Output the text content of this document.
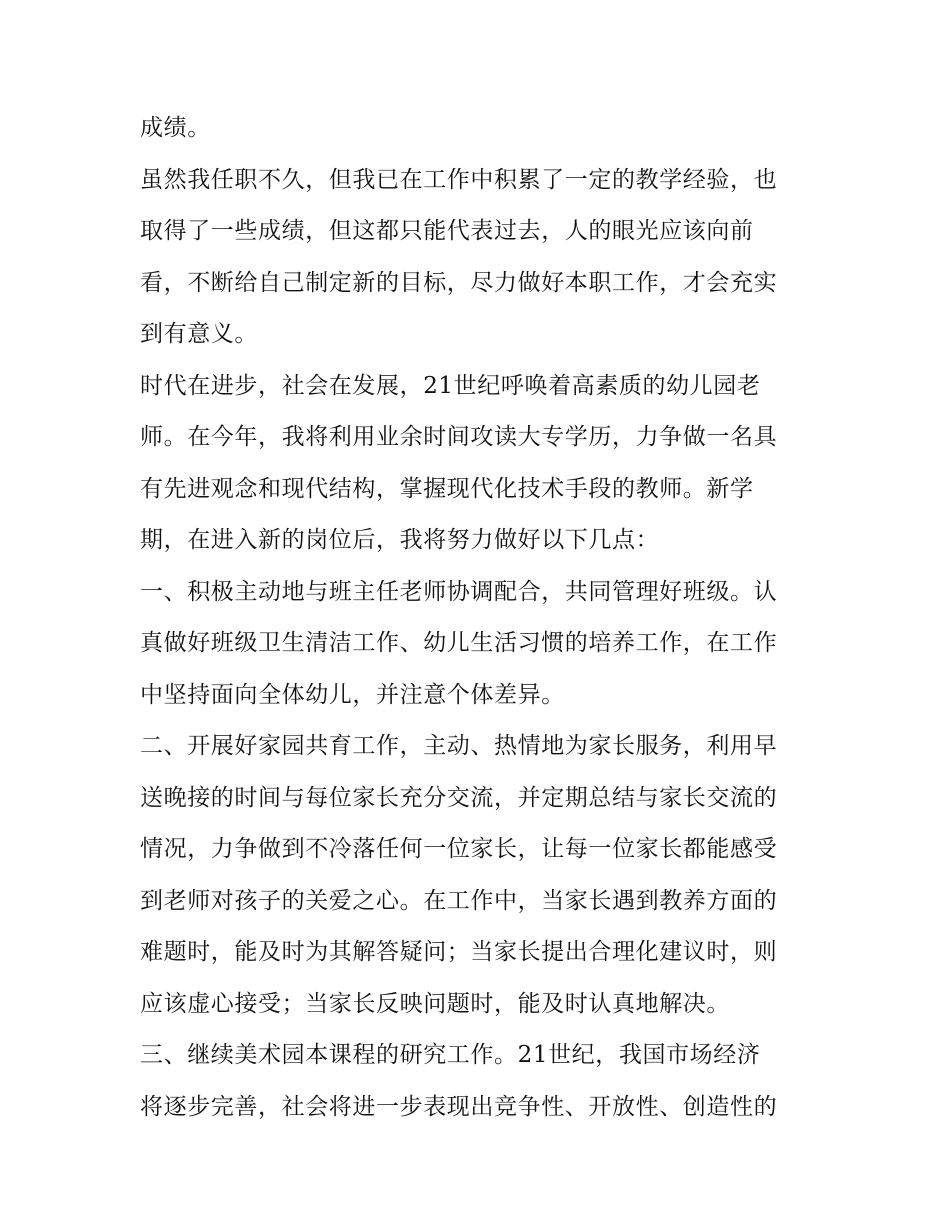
成绩。
虽然我任职不久，但我已在工作中积累了一定的教学经验，也
取得了一些成绩，但这都只能代表过去，人的眼光应该向前
看，不断给自己制定新的目标，尽力做好本职工作，才会充实
到有意义。
时代在进步，社会在发展，21世纪呼唤着高素质的幼儿园老
师。在今年，我将利用业余时间攻读大专学历，力争做一名具
有先进观念和现代结构，掌握现代化技术手段的教师。新学
期，在进入新的岗位后，我将努力做好以下几点：
一、积极主动地与班主任老师协调配合，共同管理好班级。认
真做好班级卫生清洁工作、幼儿生活习惯的培养工作，在工作
中坚持面向全体幼儿，并注意个体差异。
二、开展好家园共育工作，主动、热情地为家长服务，利用早
送晚接的时间与每位家长充分交流，并定期总结与家长交流的
情况，力争做到不冷落任何一位家长，让每一位家长都能感受
到老师对孩子的关爱之心。在工作中，当家长遇到教养方面的
难题时，能及时为其解答疑问；当家长提出合理化建议时，则
应该虚心接受；当家长反映问题时，能及时认真地解决。
三、继续美术园本课程的研究工作。21世纪，我国市场经济
将逐步完善，社会将进一步表现出竞争性、开放性、创造性的
